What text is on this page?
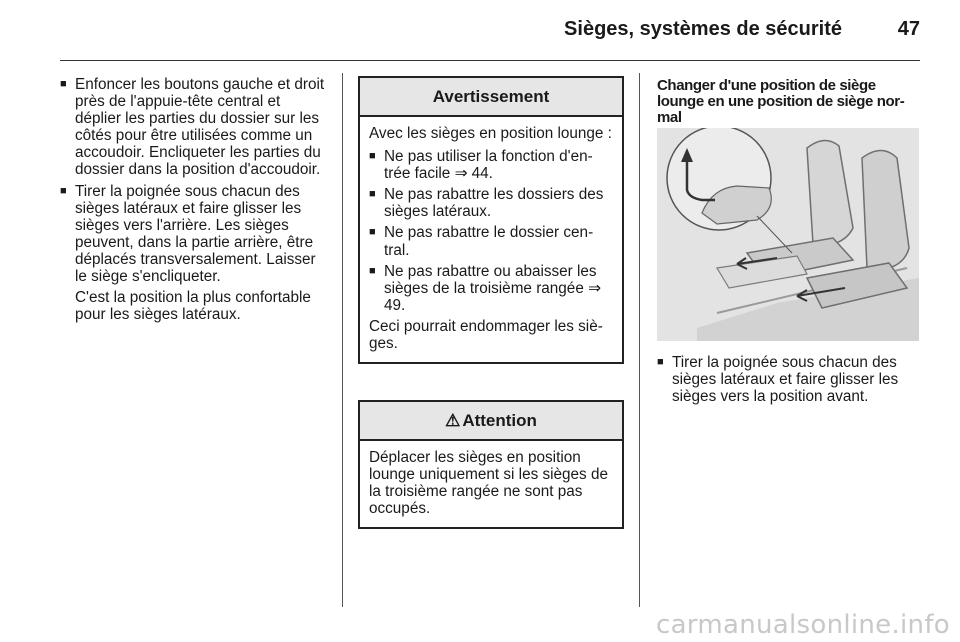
Sièges, systèmes de sécurité	47
■ Enfoncer les boutons gauche et droit près de l'appuie-tête central et déplier les parties du dossier sur les côtés pour être utilisées comme un accoudoir. Encliqueter les parties du dossier dans la position d'accoudoir.
■ Tirer la poignée sous chacun des sièges latéraux et faire glisser les sièges vers l'arrière. Les sièges peuvent, dans la partie arrière, être déplacés transversalement. Laisser le siège s'encliqueter.
C'est la position la plus confortable pour les sièges latéraux.
Avertissement
Avec les sièges en position lounge :
■ Ne pas utiliser la fonction d'entrée facile ⇒ 44.
■ Ne pas rabattre les dossiers des sièges latéraux.
■ Ne pas rabattre le dossier central.
■ Ne pas rabattre ou abaisser les sièges de la troisième rangée ⇒ 49.
Ceci pourrait endommager les sièges.
⚠ Attention
Déplacer les sièges en position lounge uniquement si les sièges de la troisième rangée ne sont pas occupés.
Changer d'une position de siège lounge en une position de siège normal
■ Tirer la poignée sous chacun des sièges latéraux et faire glisser les sièges vers la position avant.
carmanualsonline.info
